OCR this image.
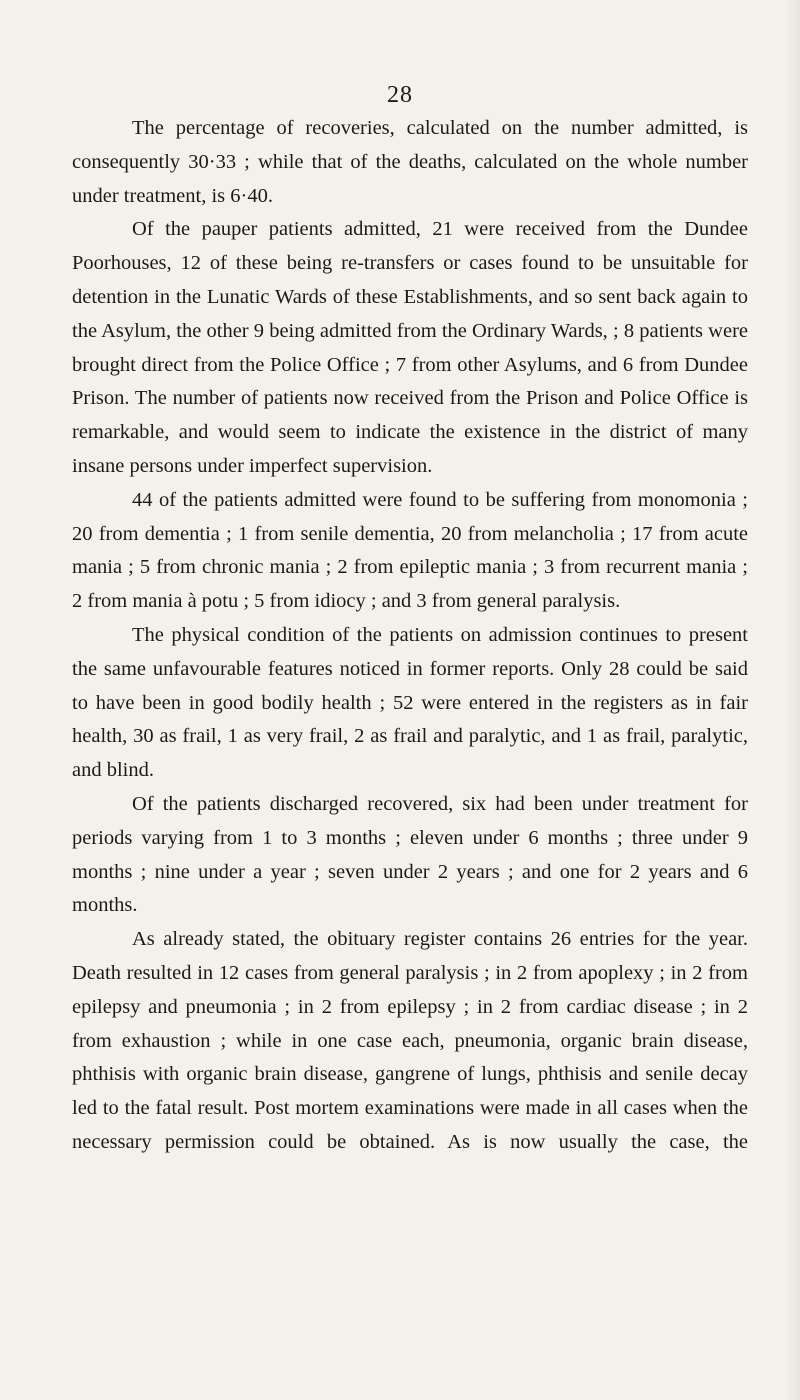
28

The percentage of recoveries, calculated on the number admitted, is consequently 30·33 ; while that of the deaths, calculated on the whole number under treatment, is 6·40.

Of the pauper patients admitted, 21 were received from the Dundee Poorhouses, 12 of these being re-transfers or cases found to be unsuitable for detention in the Lunatic Wards of these Establishments, and so sent back again to the Asylum, the other 9 being admitted from the Ordinary Wards, ; 8 patients were brought direct from the Police Office ; 7 from other Asylums, and 6 from Dundee Prison. The number of patients now received from the Prison and Police Office is remarkable, and would seem to indicate the existence in the district of many insane persons under imperfect supervision.

44 of the patients admitted were found to be suffering from monomonia ; 20 from dementia ; 1 from senile dementia, 20 from melancholia ; 17 from acute mania ; 5 from chronic mania ; 2 from epileptic mania ; 3 from recurrent mania ; 2 from mania à potu ; 5 from idiocy ; and 3 from general paralysis.

The physical condition of the patients on admission continues to present the same unfavourable features noticed in former reports. Only 28 could be said to have been in good bodily health ; 52 were entered in the registers as in fair health, 30 as frail, 1 as very frail, 2 as frail and paralytic, and 1 as frail, paralytic, and blind.

Of the patients discharged recovered, six had been under treatment for periods varying from 1 to 3 months ; eleven under 6 months ; three under 9 months ; nine under a year ; seven under 2 years ; and one for 2 years and 6 months.

As already stated, the obituary register contains 26 entries for the year. Death resulted in 12 cases from general paralysis ; in 2 from apoplexy ; in 2 from epilepsy and pneumonia ; in 2 from epilepsy ; in 2 from cardiac disease ; in 2 from exhaustion ; while in one case each, pneumonia, organic brain disease, phthisis with organic brain disease, gangrene of lungs, phthisis and senile decay led to the fatal result. Post mortem examinations were made in all cases when the necessary permission could be obtained. As is now usually the case, the
